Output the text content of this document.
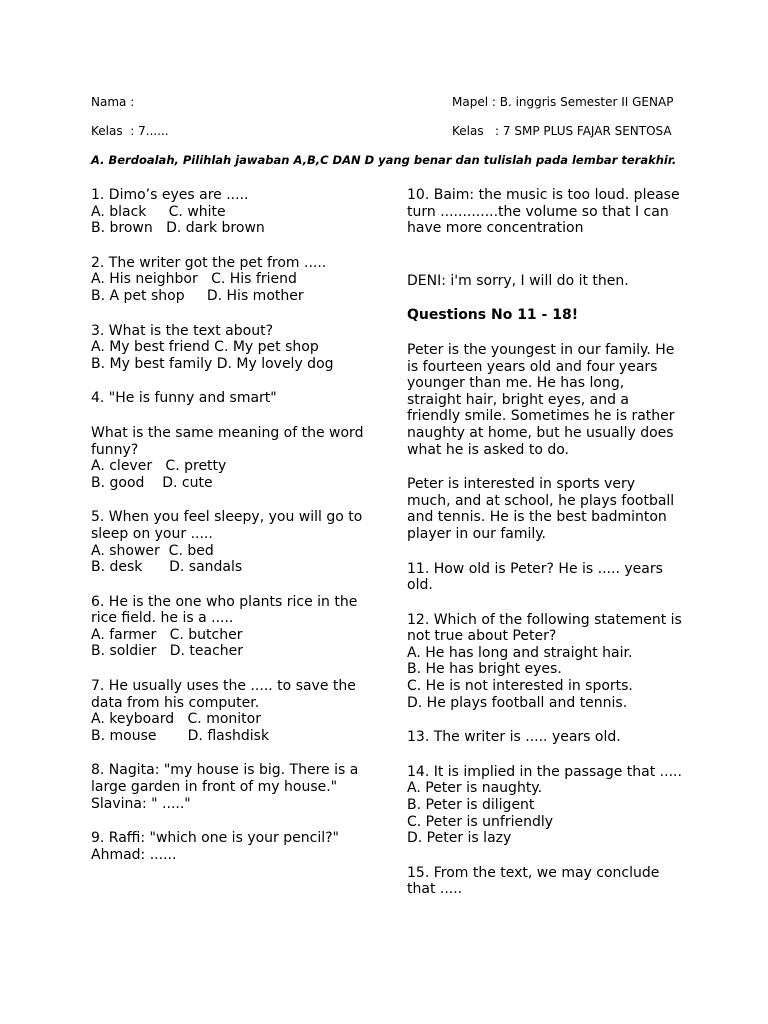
Nama :
Kelas  : 7......
Mapel : B. inggris Semester II GENAP
Kelas   : 7 SMP PLUS FAJAR SENTOSA
A. Berdoalah, Pilihlah jawaban A,B,C DAN D yang benar dan tulislah pada lembar terakhir.
1. Dimo’s eyes are .....
A. black     C. white
B. brown   D. dark brown
2. The writer got the pet from .....
A. His neighbor   C. His friend
B. A pet shop     D. His mother
3. What is the text about?
A. My best friend C. My pet shop
B. My best family D. My lovely dog
4. "He is funny and smart"
What is the same meaning of the word
funny?
A. clever   C. pretty
B. good    D. cute
5. When you feel sleepy, you will go to
sleep on your .....
A. shower  C. bed
B. desk      D. sandals
6. He is the one who plants rice in the
rice field. he is a .....
A. farmer   C. butcher
B. soldier   D. teacher
7. He usually uses the ..... to save the
data from his computer.
A. keyboard   C. monitor
B. mouse       D. flashdisk
8. Nagita: "my house is big. There is a
large garden in front of my house."
Slavina: " ....."
9. Raffi: "which one is your pencil?"
Ahmad: ......
10. Baim: the music is too loud. please
turn .............the volume so that I can
have more concentration
DENI: i'm sorry, I will do it then.
Questions No 11 - 18!
Peter is the youngest in our family. He
is fourteen years old and four years
younger than me. He has long,
straight hair, bright eyes, and a
friendly smile. Sometimes he is rather
naughty at home, but he usually does
what he is asked to do.
Peter is interested in sports very
much, and at school, he plays football
and tennis. He is the best badminton
player in our family.
11. How old is Peter? He is ..... years
old.
12. Which of the following statement is
not true about Peter?
A. He has long and straight hair.
B. He has bright eyes.
C. He is not interested in sports.
D. He plays football and tennis.
13. The writer is ..... years old.
14. It is implied in the passage that .....
A. Peter is naughty.
B. Peter is diligent
C. Peter is unfriendly
D. Peter is lazy
15. From the text, we may conclude
that .....
